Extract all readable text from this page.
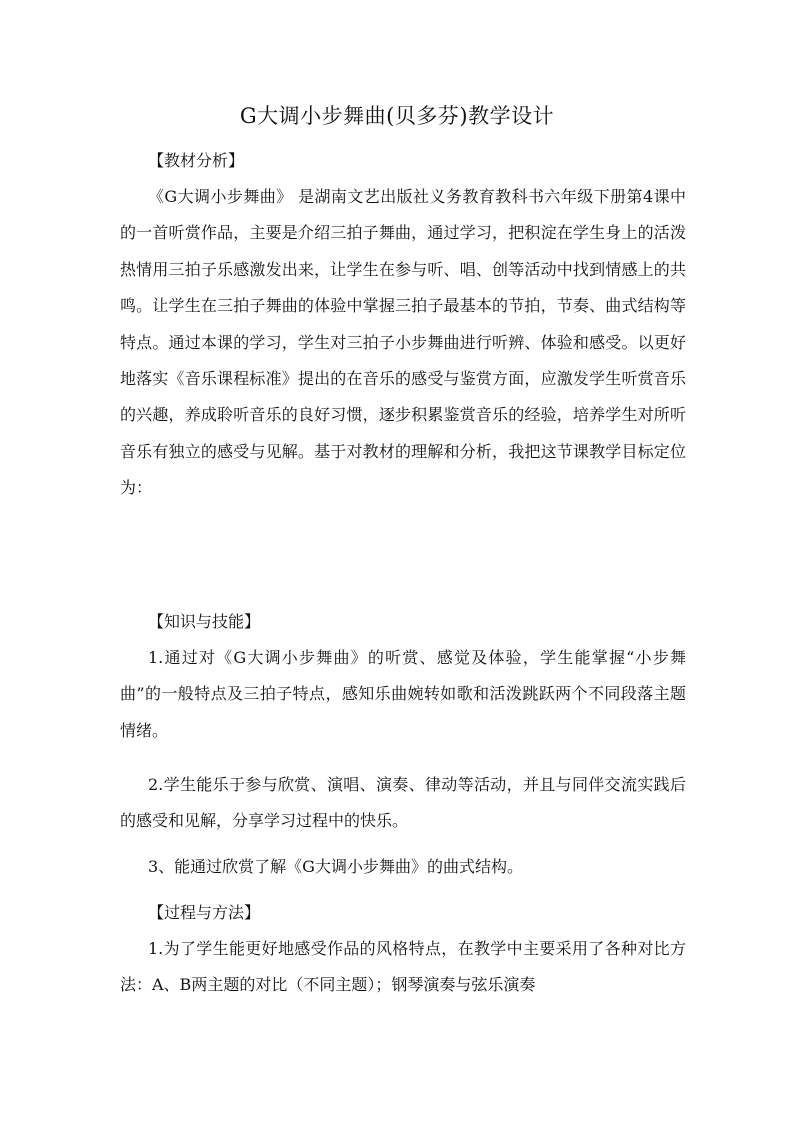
G大调小步舞曲(贝多芬)教学设计
【教材分析】

《G大调小步舞曲》 是湖南文艺出版社义务教育教科书六年级下册第4课中的一首听赏作品，主要是介绍三拍子舞曲，通过学习，把积淀在学生身上的活泼热情用三拍子乐感激发出来，让学生在参与听、唱、创等活动中找到情感上的共鸣。让学生在三拍子舞曲的体验中掌握三拍子最基本的节拍，节奏、曲式结构等特点。通过本课的学习，学生对三拍子小步舞曲进行听辨、体验和感受。以更好地落实《音乐课程标准》提出的在音乐的感受与鉴赏方面，应激发学生听赏音乐的兴趣，养成聆听音乐的良好习惯，逐步积累鉴赏音乐的经验，培养学生对所听音乐有独立的感受与见解。基于对教材的理解和分析，我把这节课教学目标定位为：

【知识与技能】

1.通过对《G大调小步舞曲》的听赏、感觉及体验，学生能掌握“小步舞曲”的一般特点及三拍子特点，感知乐曲婉转如歌和活泼跳跃两个不同段落主题情绪。

2.学生能乐于参与欣赏、演唱、演奏、律动等活动，并且与同伴交流实践后的感受和见解，分享学习过程中的快乐。

3、能通过欣赏了解《G大调小步舞曲》的曲式结构。

【过程与方法】

1.为了学生能更好地感受作品的风格特点，在教学中主要采用了各种对比方法：A、B两主题的对比（不同主题）；钢琴演奏与弦乐演奏
